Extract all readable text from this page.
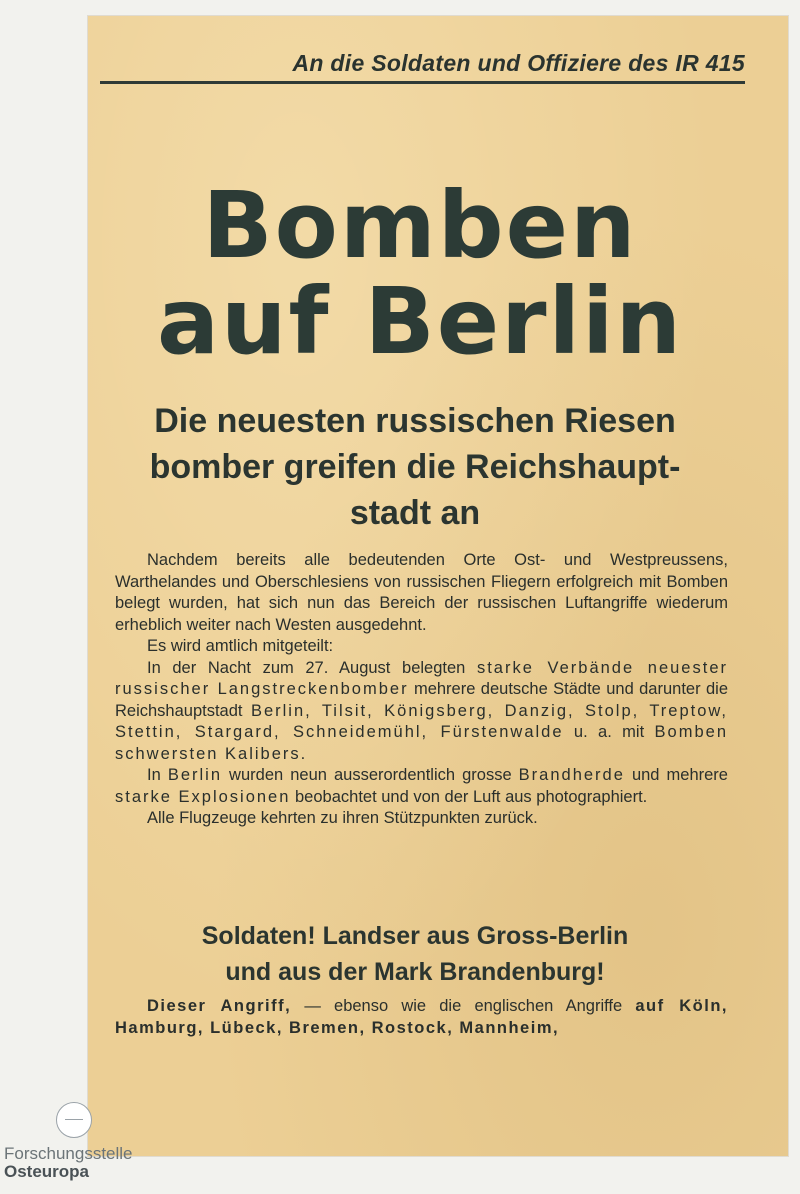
An die Soldaten und Offiziere des IR 415
Bomben
auf Berlin
Die neuesten russischen Riesen
bomber greifen die Reichshaupt-
stadt an

Nachdem bereits alle bedeutenden Orte Ost- und Westpreussens, Warthelandes und Oberschlesiens von russischen Fliegern erfolgreich mit Bomben belegt wurden, hat sich nun das Bereich der russischen Luftangriffe wiederum erheblich weiter nach Westen ausgedehnt.

Es wird amtlich mitgeteilt:

In der Nacht zum 27. August belegten starke Verbände neuester russischer Langstreckenbomber mehrere deutsche Städte und darunter die Reichshauptstadt Berlin, Tilsit, Königsberg, Danzig, Stolp, Treptow, Stettin, Stargard, Schneidemühl, Fürstenwalde u. a. mit Bomben schwersten Kalibers.

In Berlin wurden neun ausserordentlich grosse Brandherde und mehrere starke Explosionen beobachtet und von der Luft aus photographiert.

Alle Flugzeuge kehrten zu ihren Stützpunkten zurück.

Soldaten! Landser aus Gross-Berlin
und aus der Mark Brandenburg!

Dieser Angriff, — ebenso wie die englischen Angriffe auf Köln, Hamburg, Lübeck, Bremen, Rostock, Mannheim,

Forschungsstelle
Osteuropa
